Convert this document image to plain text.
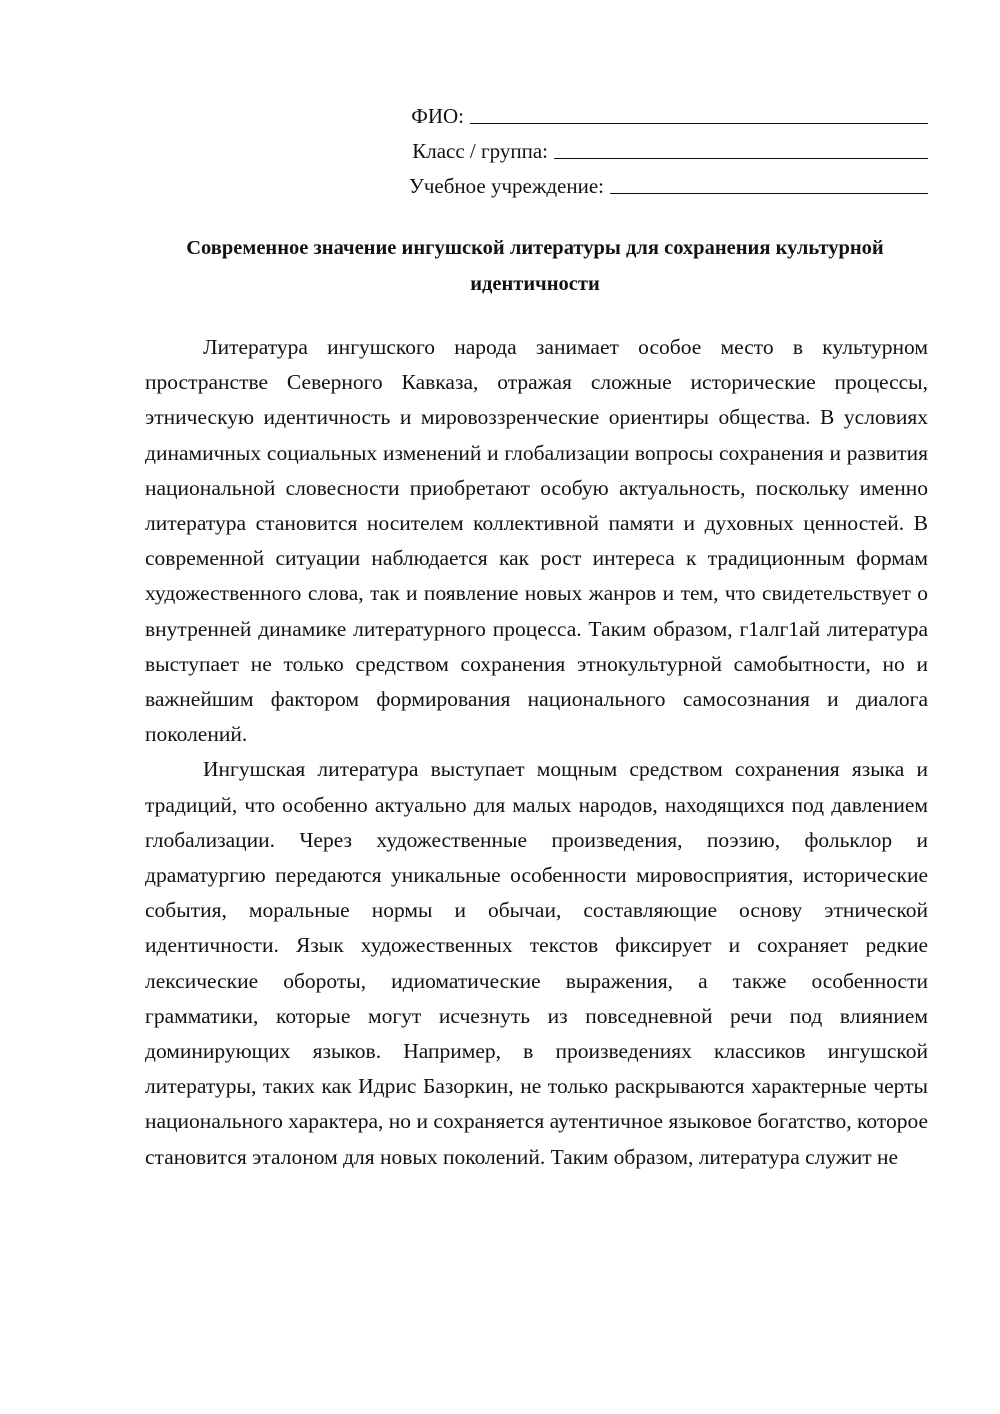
ФИО:
Класс / группа:
Учебное учреждение:
Современное значение ингушской литературы для сохранения культурной идентичности

Литература ингушского народа занимает особое место в культурном пространстве Северного Кавказа, отражая сложные исторические процессы, этническую идентичность и мировоззренческие ориентиры общества. В условиях динамичных социальных изменений и глобализации вопросы сохранения и развития национальной словесности приобретают особую актуальность, поскольку именно литература становится носителем коллективной памяти и духовных ценностей. В современной ситуации наблюдается как рост интереса к традиционным формам художественного слова, так и появление новых жанров и тем, что свидетельствует о внутренней динамике литературного процесса. Таким образом, г1алг1ай литература выступает не только средством сохранения этнокультурной самобытности, но и важнейшим фактором формирования национального самосознания и диалога поколений.

Ингушская литература выступает мощным средством сохранения языка и традиций, что особенно актуально для малых народов, находящихся под давлением глобализации. Через художественные произведения, поэзию, фольклор и драматургию передаются уникальные особенности мировосприятия, исторические события, моральные нормы и обычаи, составляющие основу этнической идентичности. Язык художественных текстов фиксирует и сохраняет редкие лексические обороты, идиоматические выражения, а также особенности грамматики, которые могут исчезнуть из повседневной речи под влиянием доминирующих языков. Например, в произведениях классиков ингушской литературы, таких как Идрис Базоркин, не только раскрываются характерные черты национального характера, но и сохраняется аутентичное языковое богатство, которое становится эталоном для новых поколений. Таким образом, литература служит не
